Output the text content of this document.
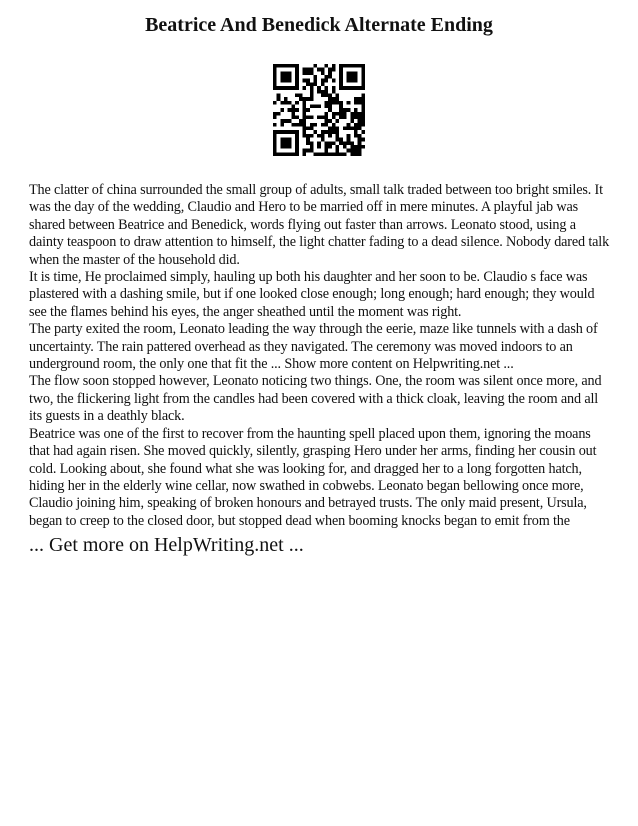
Beatrice And Benedick Alternate Ending

The clatter of china surrounded the small group of adults, small talk traded between too bright smiles. It was the day of the wedding, Claudio and Hero to be married off in mere minutes. A playful jab was shared between Beatrice and Benedick, words flying out faster than arrows. Leonato stood, using a dainty teaspoon to draw attention to himself, the light chatter fading to a dead silence. Nobody dared talk when the master of the household did.

It is time, He proclaimed simply, hauling up both his daughter and her soon to be. Claudio s face was plastered with a dashing smile, but if one looked close enough; long enough; hard enough; they would see the flames behind his eyes, the anger sheathed until the moment was right.

The party exited the room, Leonato leading the way through the eerie, maze like tunnels with a dash of uncertainty. The rain pattered overhead as they navigated. The ceremony was moved indoors to an underground room, the only one that fit the ... Show more content on Helpwriting.net ...

The flow soon stopped however, Leonato noticing two things. One, the room was silent once more, and two, the flickering light from the candles had been covered with a thick cloak, leaving the room and all its guests in a deathly black.

Beatrice was one of the first to recover from the haunting spell placed upon them, ignoring the moans that had again risen. She moved quickly, silently, grasping Hero under her arms, finding her cousin out cold. Looking about, she found what she was looking for, and dragged her to a long forgotten hatch, hiding her in the elderly wine cellar, now swathed in cobwebs. Leonato began bellowing once more, Claudio joining him, speaking of broken honours and betrayed trusts. The only maid present, Ursula, began to creep to the closed door, but stopped dead when booming knocks began to emit from the

... Get more on HelpWriting.net ...
